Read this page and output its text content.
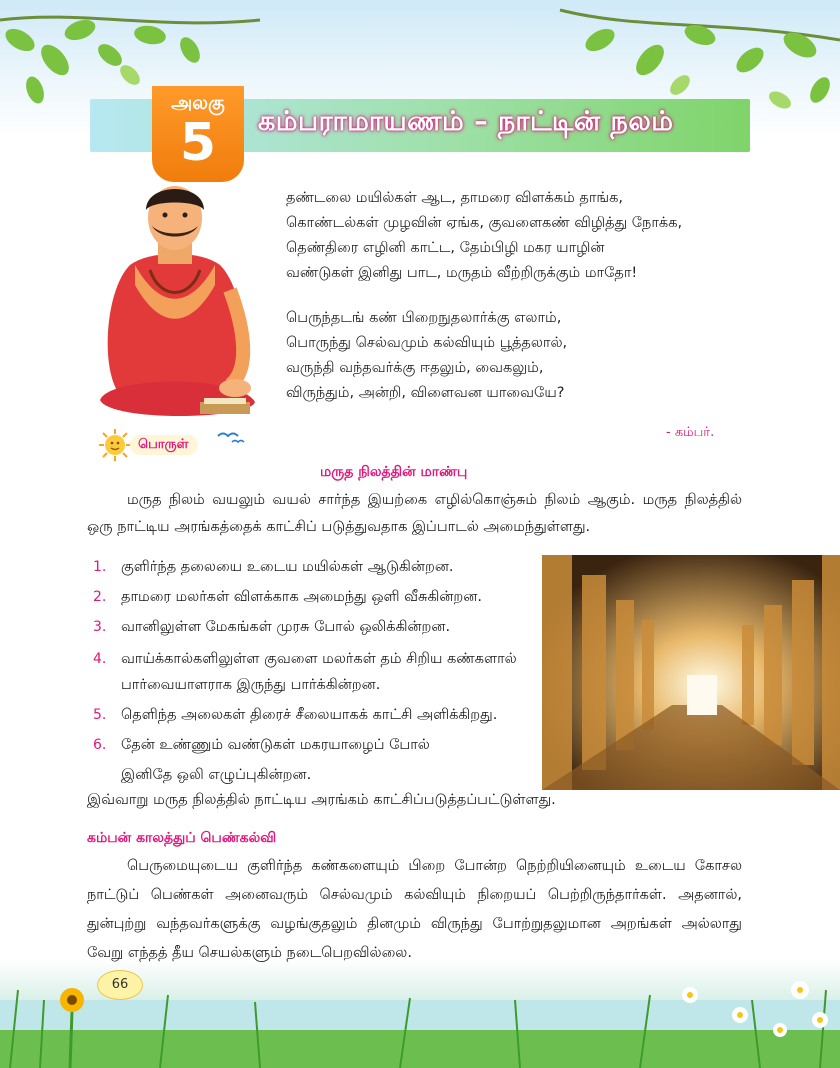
அலகு
5	கம்பராமாயணம் – நாட்டின் நலம்
தண்டலை மயில்கள் ஆட, தாமரை விளக்கம் தாங்க,
கொண்டல்கள் முழவின் ஏங்க, குவளைகண் விழித்து நோக்க,
தெண்திரை எழினி காட்ட, தேம்பிழி மகர யாழின்
வண்டுகள் இனிது பாட, மருதம் வீற்றிருக்கும் மாதோ!
பெருந்தடங் கண் பிறைநுதலார்க்கு எலாம்,
பொருந்து செல்வமும் கல்வியும் பூத்தலால்,
வருந்தி வந்தவர்க்கு ஈதலும், வைகலும்,
விருந்தும், அன்றி, விளைவன யாவையே?
- கம்பர்.
பொருள்
மருத நிலத்தின் மாண்பு

மருத நிலம் வயலும் வயல் சார்ந்த இயற்கை எழில்கொஞ்சும் நிலம் ஆகும். மருத நிலத்தில் ஒரு நாட்டிய அரங்கத்தைக் காட்சிப் படுத்துவதாக இப்பாடல் அமைந்துள்ளது.

1. குளிர்ந்த தலையை உடைய மயில்கள் ஆடுகின்றன.
2. தாமரை மலர்கள் விளக்காக அமைந்து ஒளி வீசுகின்றன.
3. வானிலுள்ள மேகங்கள் முரசு போல் ஒலிக்கின்றன.
4. வாய்க்கால்களிலுள்ள குவளை மலர்கள் தம் சிறிய கண்களால் பார்வையாளராக இருந்து பார்க்கின்றன.
5. தெளிந்த அலைகள் திரைச் சீலையாகக் காட்சி அளிக்கிறது.
6. தேன் உண்ணும் வண்டுகள் மகரயாழைப் போல்
இனிதே ஒலி எழுப்புகின்றன.
இவ்வாறு மருத நிலத்தில் நாட்டிய அரங்கம் காட்சிப்படுத்தப்பட்டுள்ளது.
கம்பன் காலத்துப் பெண்கல்வி

பெருமையுடைய குளிர்ந்த கண்களையும் பிறை போன்ற நெற்றியினையும் உடைய கோசல நாட்டுப் பெண்கள் அனைவரும் செல்வமும் கல்வியும் நிறையப் பெற்றிருந்தார்கள். அதனால், துன்புற்று வந்தவர்களுக்கு வழங்குதலும் தினமும் விருந்து போற்றுதலுமான அறங்கள் அல்லாது வேறு எந்தத் தீய செயல்களும் நடைபெறவில்லை.

66
